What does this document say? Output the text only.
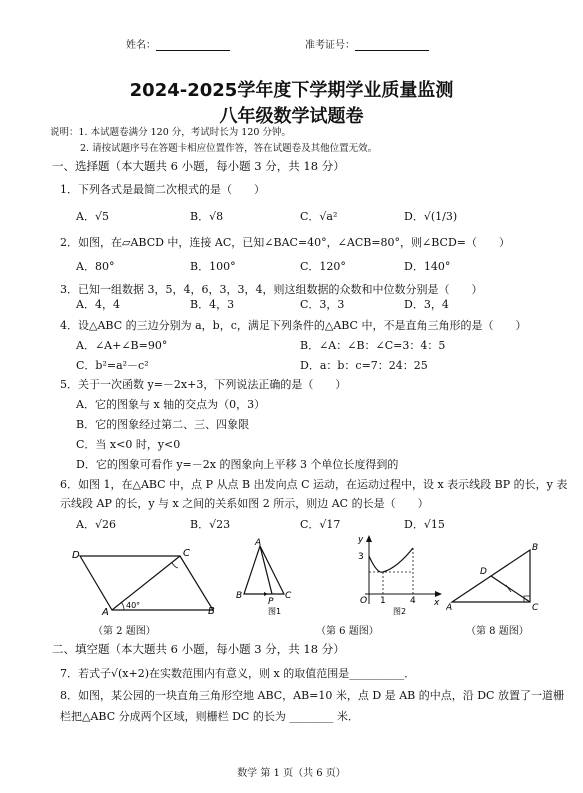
姓名：	准考证号：
2024-2025学年度下学期学业质量监测
八年级数学试题卷
说明：1. 本试题卷满分 120 分，考试时长为 120 分钟。
2. 请按试题序号在答题卡相应位置作答，答在试题卷及其他位置无效。
一、选择题（本大题共 6 小题，每小题 3 分，共 18 分）
1．下列各式是最简二次根式的是（　　）
A．√5	B．√8	C．√a²	D．√(1/3)
2．如图，在▱ABCD 中，连接 AC，已知∠BAC=40°，∠ACB=80°，则∠BCD=（　　）
A．80°	B．100°	C．120°	D．140°
3．已知一组数据 3，5，4，6，3，3，4，则这组数据的众数和中位数分别是（　　）
A．4，4	B．4，3	C．3，3	D．3，4
4．设△ABC 的三边分别为 a，b，c，满足下列条件的△ABC 中，不是直角三角形的是（　　）
A．∠A+∠B=90°	B．∠A：∠B：∠C=3：4：5
C．b²=a²－c²	D．a：b：c=7：24：25
5．关于一次函数 y=－2x+3，下列说法正确的是（　　）
A．它的图象与 x 轴的交点为（0，3）
B．它的图象经过第二、三、四象限
C．当 x<0 时，y<0
D．它的图象可看作 y=－2x 的图象向上平移 3 个单位长度得到的
6．如图 1，在△ABC 中，点 P 从点 B 出发向点 C 运动，在运动过程中，设 x 表示线段 BP 的长，y 表
示线段 AP 的长，y 与 x 之间的关系如图 2 所示，则边 AC 的长是（　　）
A．√26	B．√23	C．√17	D．√15
D
A	B
C
40°
（第 2 题图）
A
B
P
C
图1
y
3
O 1	4 x
图2
（第 6 题图）
A
B
C
D
（第 8 题图）
二、填空题（本大题共 6 小题，每小题 3 分，共 18 分）
7．若式子√(x+2)在实数范围内有意义，则 x 的取值范围是__________．
8．如图，某公园的一块直角三角形空地 ABC，AB=10 米，点 D 是 AB 的中点，沿 DC 放置了一道栅
栏把△ABC 分成两个区域，则栅栏 DC 的长为 ________ 米．
数学 第 1 页（共 6 页）
